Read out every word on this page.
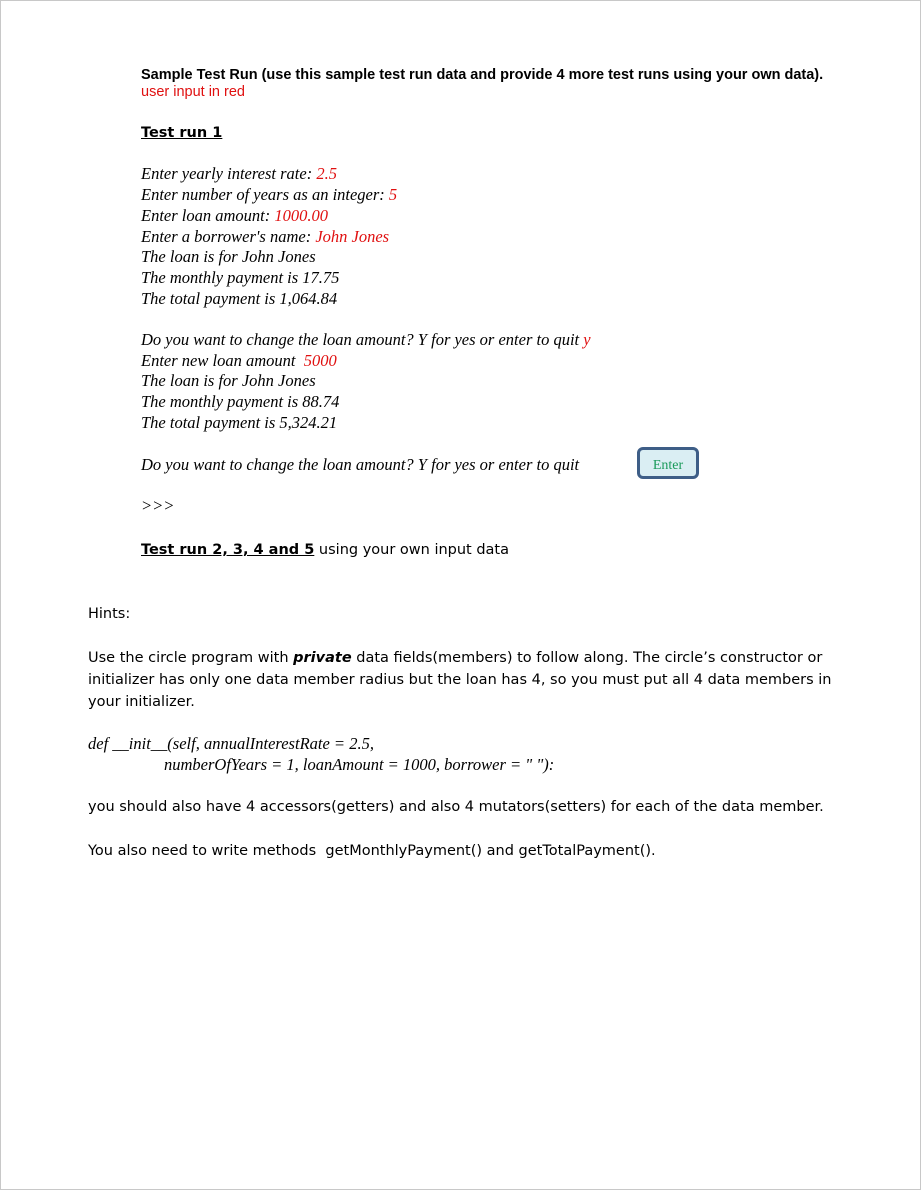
Sample Test Run (use this sample test run data and provide 4 more test runs using your own data). user input in red
Test run 1
Enter yearly interest rate: 2.5
Enter number of years as an integer: 5
Enter loan amount: 1000.00
Enter a borrower's name: John Jones
The loan is for John Jones
The monthly payment is 17.75
The total payment is 1,064.84
Do you want to change the loan amount? Y for yes or enter to quit y
Enter new loan amount  5000
The loan is for John Jones
The monthly payment is 88.74
The total payment is 5,324.21
Do you want to change the loan amount? Y for yes or enter to quit
>>>
Enter
Test run 2, 3, 4 and 5 using your own input data
Hints:
Use the circle program with private data fields(members) to follow along. The circle’s constructor or initializer has only one data member radius but the loan has 4, so you must put all 4 data members in your initializer.
def __init__(self, annualInterestRate = 2.5,
numberOfYears = 1, loanAmount = 1000, borrower = " "):
you should also have 4 accessors(getters) and also 4 mutators(setters) for each of the data member.
You also need to write methods  getMonthlyPayment() and getTotalPayment().
